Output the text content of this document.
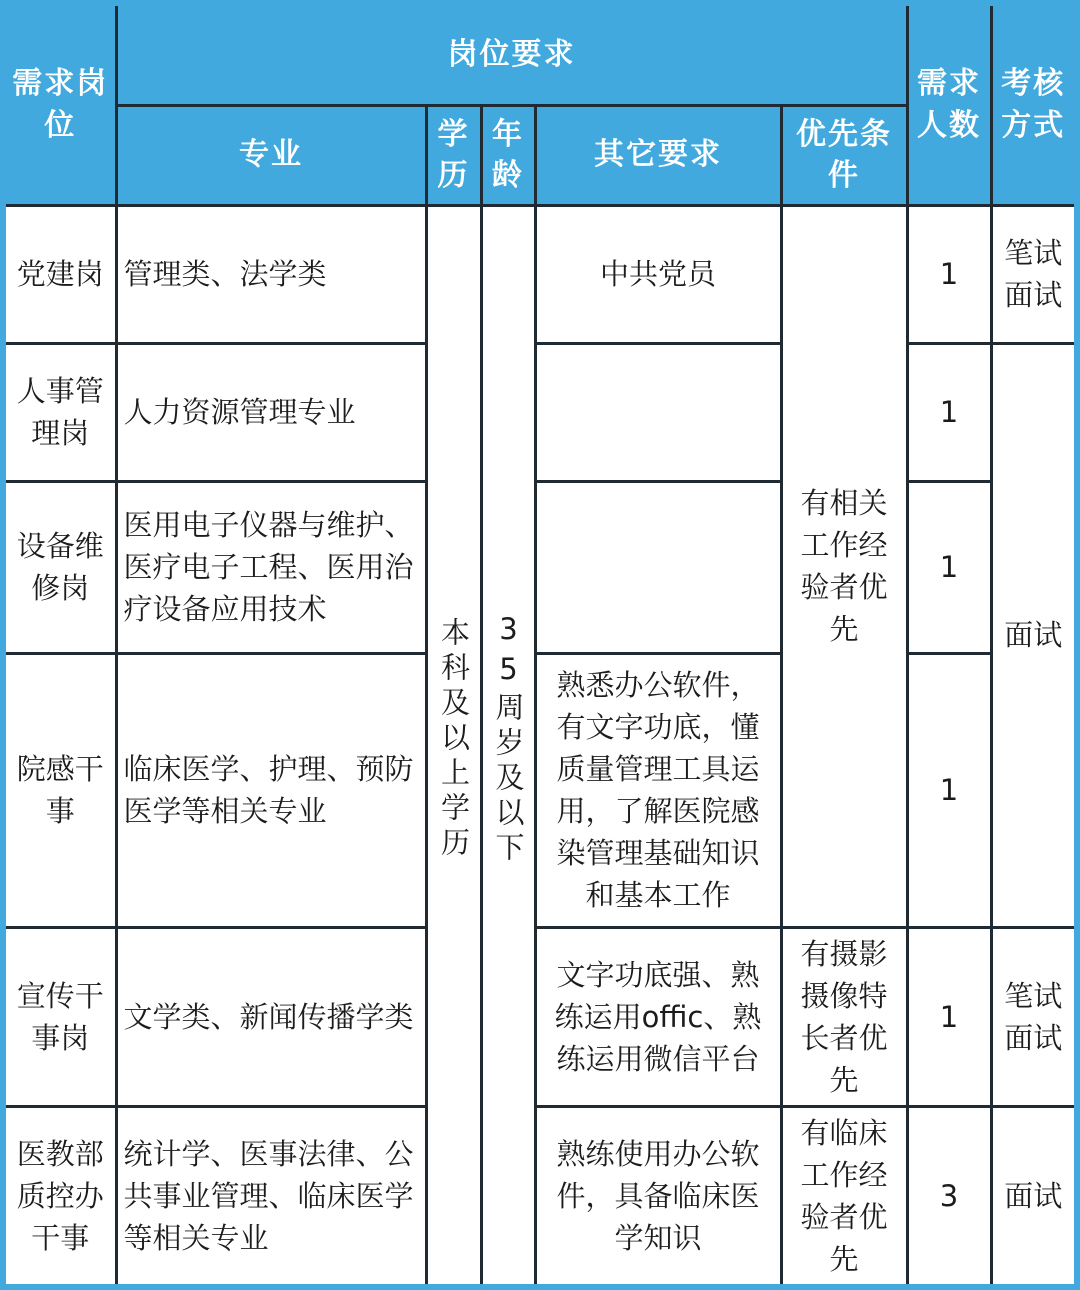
需求岗位	岗位要求					需求人数	考核方式
	专业	学历	年龄	其它要求	优先条件		
党建岗	管理类、法学类	本科及以上学历	35周岁及以下	中共党员	有相关工作经验者优先	1	笔试面试
人事管理岗	人力资源管理专业					1	面试
设备维修岗	医用电子仪器与维护、医疗电子工程、医用治疗设备应用技术					1	
院感干事	临床医学、护理、预防医学等相关专业			熟悉办公软件，有文字功底，懂质量管理工具运用，了解医院感染管理基础知识和基本工作		1	
宣传干事岗	文学类、新闻传播学类			文字功底强、熟练运用offic、熟练运用微信平台	有摄影摄像特长者优先	1	笔试面试
医教部质控办干事	统计学、医事法律、公共事业管理、临床医学等相关专业			熟练使用办公软件，具备临床医学知识	有临床工作经验者优先	3	面试
